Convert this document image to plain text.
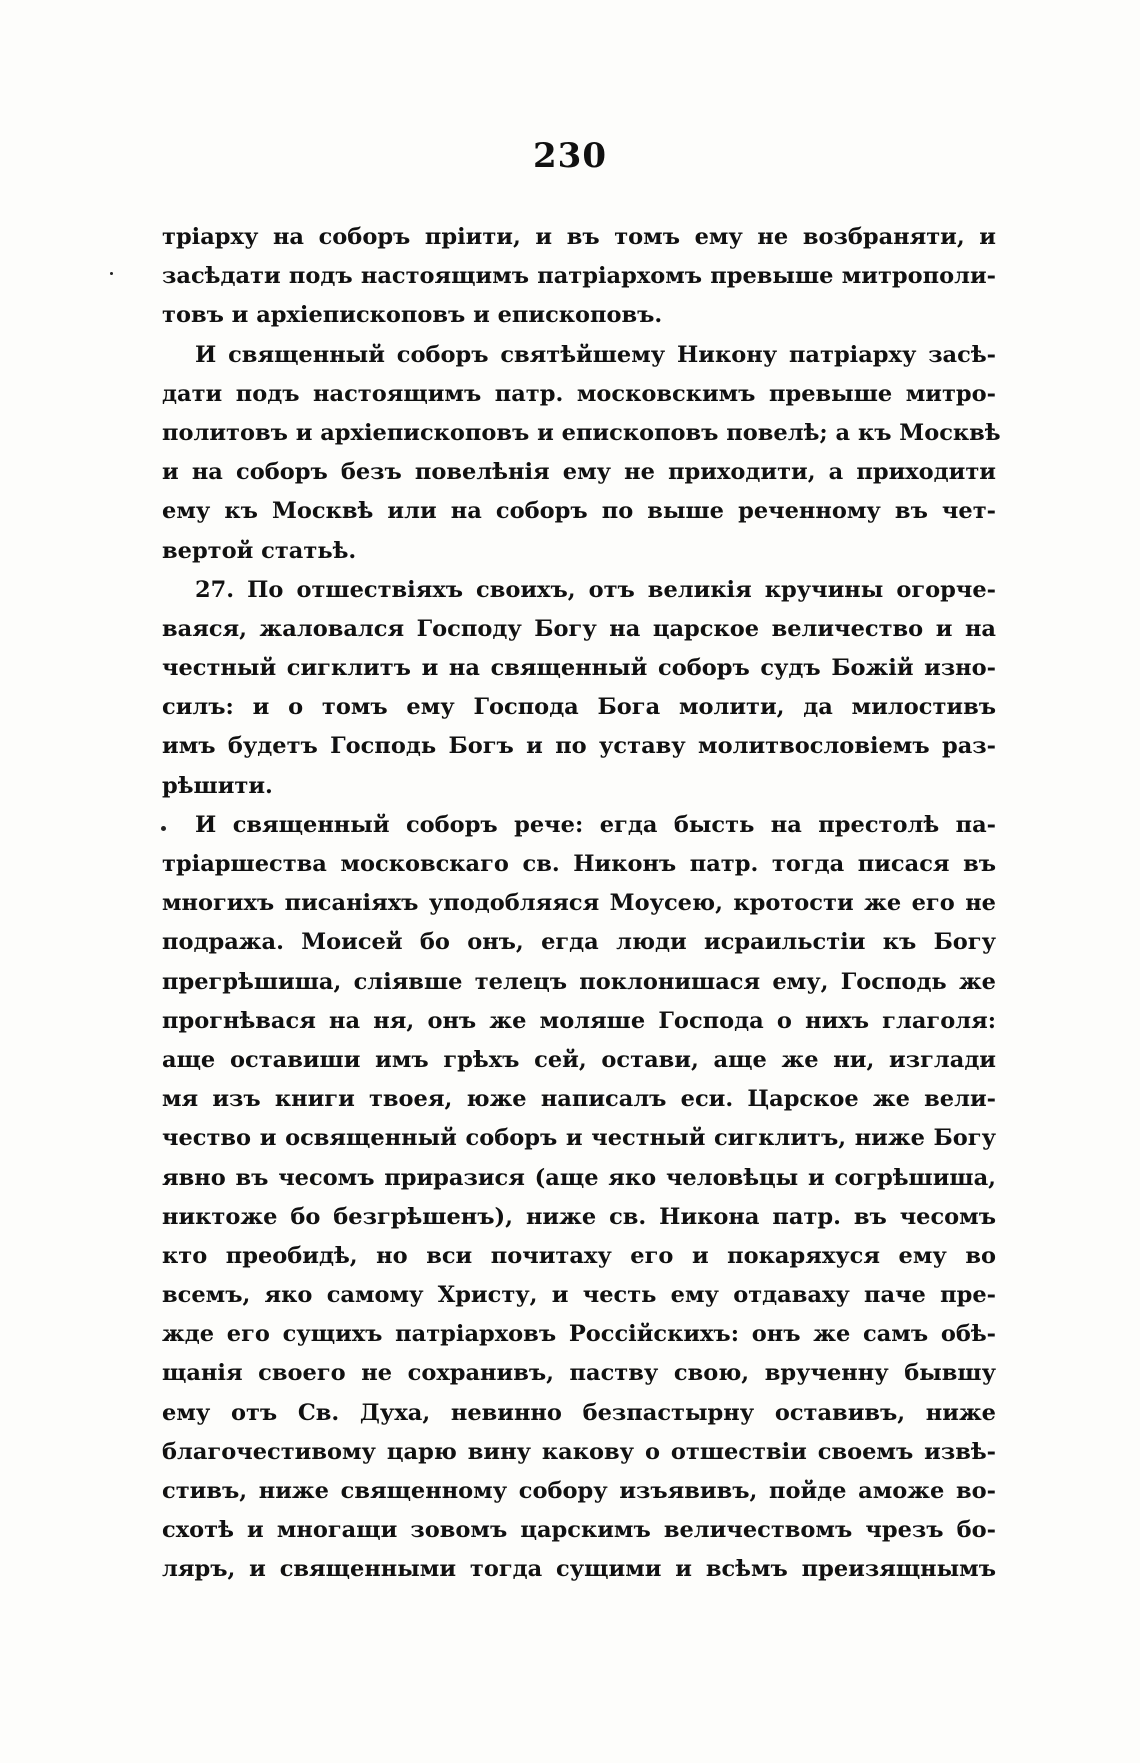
230
тріарху на соборъ пріити, и въ томъ ему не возбраняти, и
засѣдати подъ настоящимъ патріархомъ превыше митрополи-
товъ и архіепископовъ и епископовъ.
И священный соборъ святѣйшему Никону патріарху засѣ-
дати подъ настоящимъ патр. московскимъ превыше митро-
политовъ и архіепископовъ и епископовъ повелѣ; а къ Москвѣ
и на соборъ безъ повелѣнія ему не приходити, а приходити
ему къ Москвѣ или на соборъ по выше реченному въ чет-
вертой статьѣ.
27. По отшествіяхъ своихъ, отъ великія кручины огорче-
ваяся, жаловался Господу Богу на царское величество и на
честный сигклитъ и на священный соборъ судъ Божій изно-
силъ: и о томъ ему Господа Бога молити, да милостивъ
имъ будетъ Господь Богъ и по уставу молитвословіемъ раз-
рѣшити.
И священный соборъ рече: егда бысть на престолѣ па-
тріаршества московскаго св. Никонъ патр. тогда писася въ
многихъ писаніяхъ уподобляяся Моусею, кротости же его не
подража. Моисей бо онъ, егда люди исраильстіи къ Богу
прегрѣшиша, сліявше телецъ поклонишася ему, Господь же
прогнѣвася на ня, онъ же моляше Господа о нихъ глаголя:
аще оставиши имъ грѣхъ сей, остави, аще же ни, изглади
мя изъ книги твоея, юже написалъ еси. Царское же вели-
чество и освященный соборъ и честный сигклитъ, ниже Богу
явно въ чесомъ приразися (аще яко человѣцы и согрѣшиша,
никтоже бо безгрѣшенъ), ниже св. Никона патр. въ чесомъ
кто преобидѣ, но вси почитаху его и покаряхуся ему во
всемъ, яко самому Христу, и честь ему отдаваху паче пре-
жде его сущихъ патріарховъ Россійскихъ: онъ же самъ обѣ-
щанія своего не сохранивъ, паству свою, врученну бывшу
ему отъ Св. Духа, невинно безпастырну оставивъ, ниже
благочестивому царю вину какову о отшествіи своемъ извѣ-
стивъ, ниже священному собору изъявивъ, пойде аможе во-
схотѣ и многащи зовомъ царскимъ величествомъ чрезъ бо-
ляръ, и священными тогда сущими и всѣмъ преизящнымъ
